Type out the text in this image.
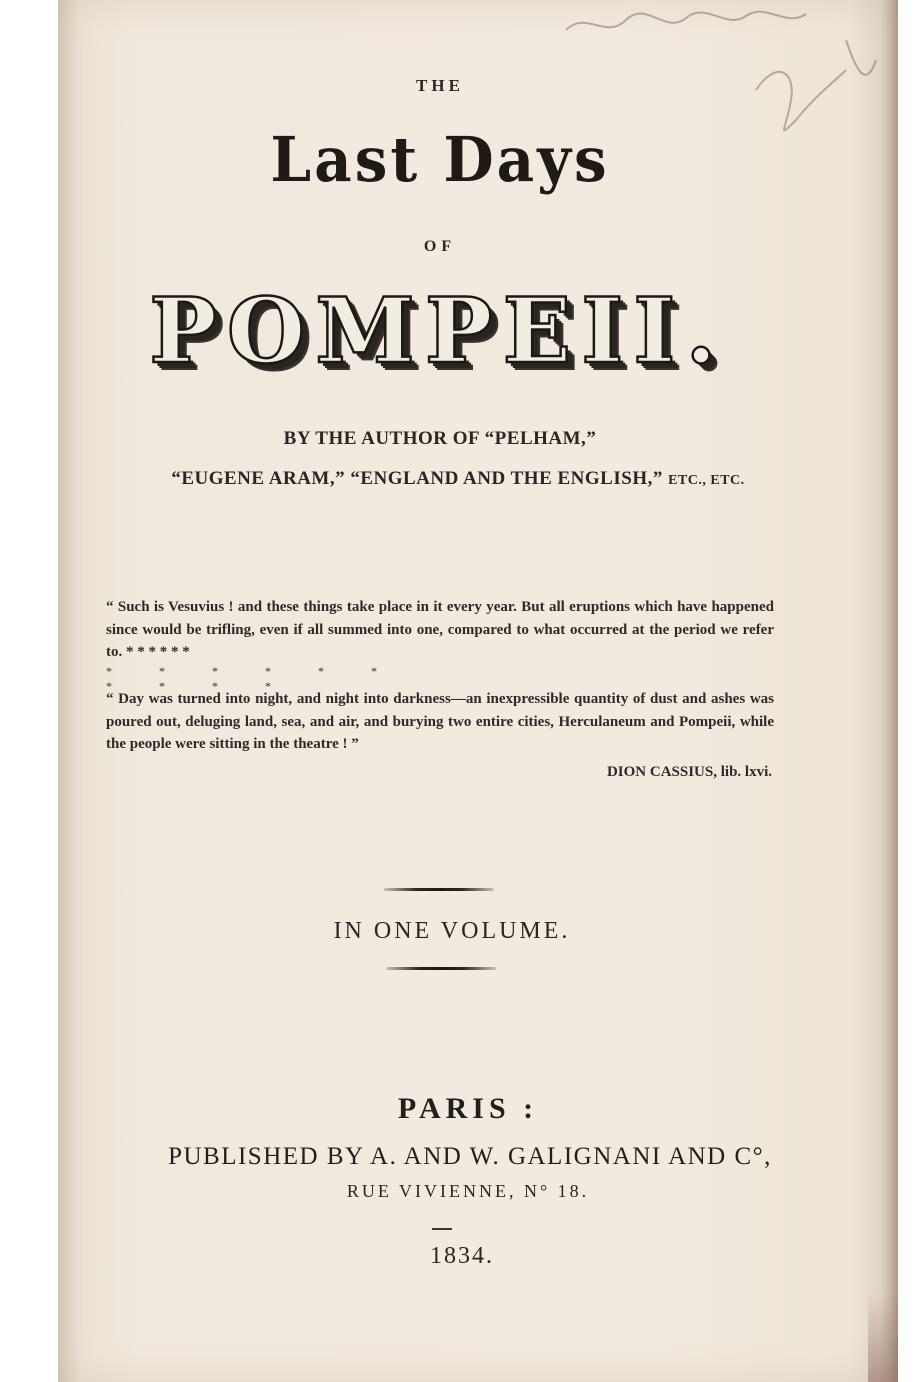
THE
Last Days
OF
POMPEII.
BY THE AUTHOR OF “PELHAM,”
“EUGENE ARAM,” “ENGLAND AND THE ENGLISH,” ETC., ETC.
“ Such is Vesuvius ! and these things take place in it every year. But all eruptions which have happened since would be trifling, even if all summed into one, compared to what occurred at the period we refer to. * * * * * *
* * * * * * * * * *
“ Day was turned into night, and night into darkness—an inexpressible quantity of dust and ashes was poured out, deluging land, sea, and air, and burying two entire cities, Herculaneum and Pompeii, while the people were sitting in the theatre ! ”
DION CASSIUS, lib. lxvi.
IN ONE VOLUME.
PARIS :
PUBLISHED BY A. AND W. GALIGNANI AND C°,
RUE VIVIENNE, N° 18.
1834.
